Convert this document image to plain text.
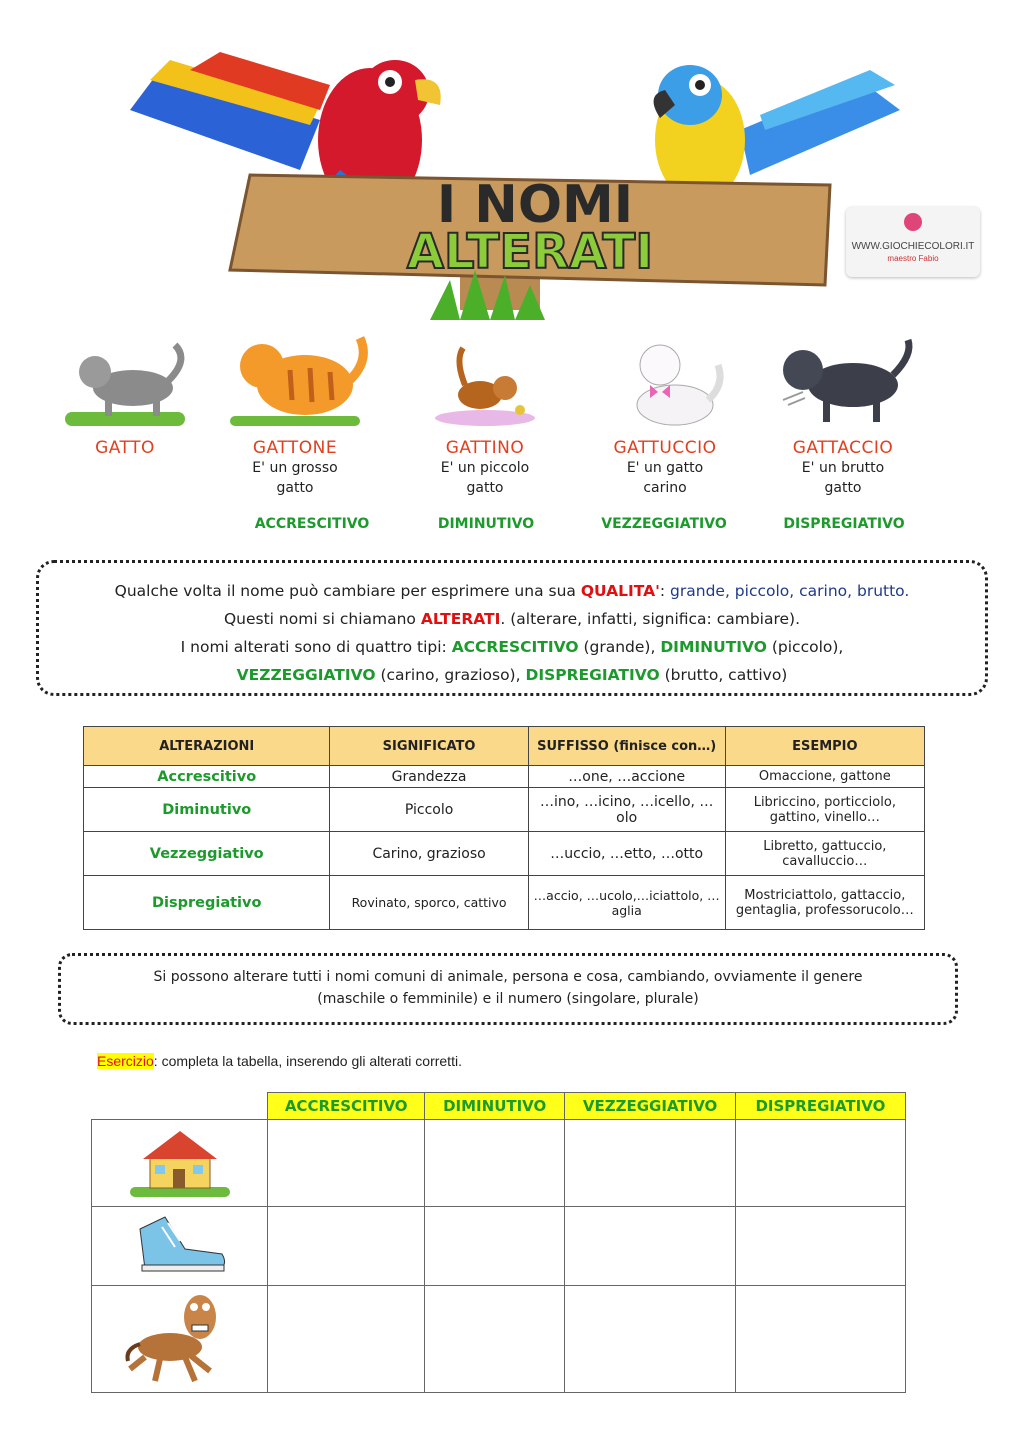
I NOMI
ALTERATI	WWW.GIOCHIECOLORI.IT
maestro Fabio
GATTO	GATTONE
E' un grosso
gatto
GATTINO
E' un piccolo
gatto
GATTUCCIO
E' un gatto
carino
GATTACCIO
E' un brutto
gatto
ACCRESCITIVO	DIMINUTIVO	VEZZEGGIATIVO	DISPREGIATIVO
Qualche volta il nome può cambiare per esprimere una sua QUALITA': grande, piccolo, carino, brutto.
Questi nomi si chiamano ALTERATI. (alterare, infatti, significa: cambiare).
I nomi alterati sono di quattro tipi: ACCRESCITIVO (grande), DIMINUTIVO (piccolo),
VEZZEGGIATIVO (carino, grazioso), DISPREGIATIVO (brutto, cattivo)
ALTERAZIONI	SIGNIFICATO	SUFFISSO (finisce con…)	ESEMPIO
Accrescitivo	Grandezza	…one, …accione	Omaccione, gattone
Diminutivo	Piccolo	…ino, …icino, …icello, …olo	Libriccino, porticciolo, gattino, vinello…
Vezzeggiativo	Carino, grazioso	…uccio, …etto, …otto	Libretto, gattuccio, cavalluccio…
Dispregiativo	Rovinato, sporco, cattivo	…accio, …ucolo,…iciattolo, …aglia	Mostriciattolo, gattaccio, gentaglia, professorucolo…
Si possono alterare tutti i nomi comuni di animale, persona e cosa, cambiando, ovviamente il genere
(maschile o femminile) e il numero (singolare, plurale)
Esercizio: completa la tabella, inserendo gli alterati corretti.
	ACCRESCITIVO	DIMINUTIVO	VEZZEGGIATIVO	DISPREGIATIVO
